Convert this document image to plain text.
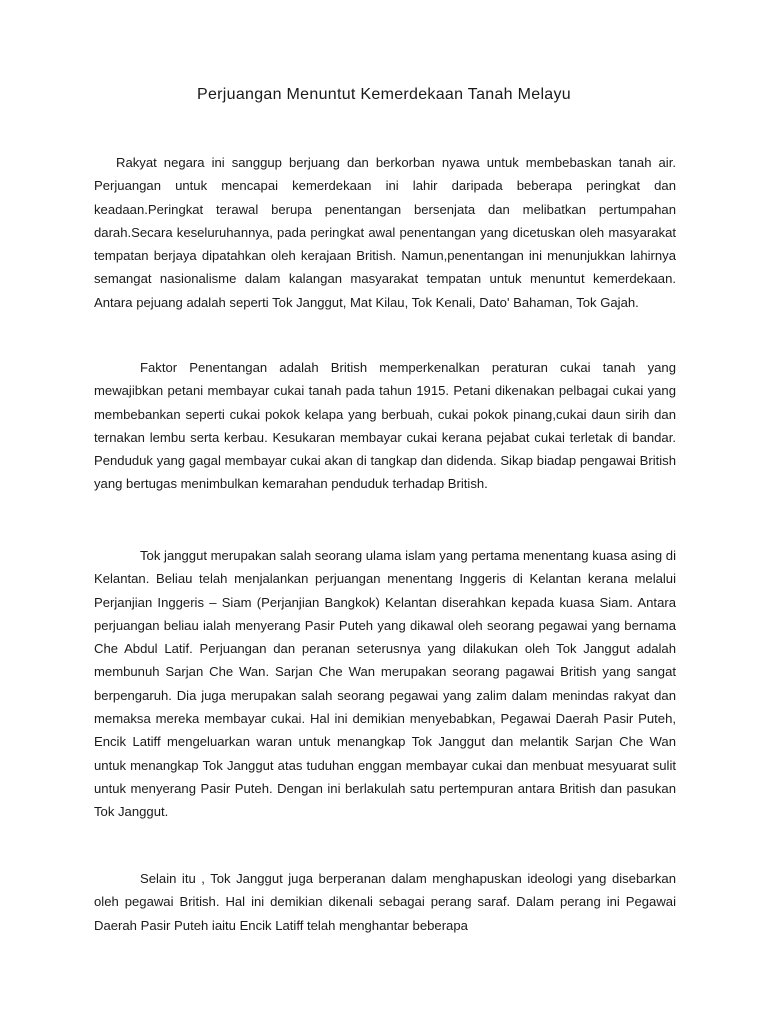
Perjuangan Menuntut Kemerdekaan Tanah Melayu

Rakyat negara ini sanggup berjuang dan berkorban nyawa untuk membebaskan tanah air. Perjuangan untuk mencapai kemerdekaan ini lahir daripada beberapa peringkat dan keadaan.Peringkat terawal berupa penentangan bersenjata dan melibatkan pertumpahan darah.Secara keseluruhannya, pada peringkat awal penentangan yang dicetuskan oleh masyarakat tempatan berjaya dipatahkan oleh kerajaan British. Namun,penentangan ini menunjukkan lahirnya semangat nasionalisme dalam kalangan masyarakat tempatan untuk menuntut kemerdekaan. Antara pejuang adalah seperti Tok Janggut, Mat Kilau, Tok Kenali, Dato' Bahaman, Tok Gajah.

Faktor Penentangan adalah British memperkenalkan peraturan cukai tanah yang mewajibkan petani membayar cukai tanah pada tahun 1915. Petani dikenakan pelbagai cukai yang membebankan seperti cukai pokok kelapa yang berbuah, cukai pokok pinang,cukai daun sirih dan ternakan lembu serta kerbau. Kesukaran membayar cukai kerana pejabat cukai terletak di bandar. Penduduk yang gagal membayar cukai akan di tangkap dan didenda. Sikap biadap pengawai British yang bertugas menimbulkan kemarahan penduduk terhadap British.

Tok janggut merupakan salah seorang ulama islam yang pertama menentang kuasa asing di Kelantan. Beliau telah menjalankan perjuangan menentang Inggeris di Kelantan kerana melalui Perjanjian Inggeris – Siam (Perjanjian Bangkok) Kelantan diserahkan kepada kuasa Siam. Antara perjuangan beliau ialah menyerang Pasir Puteh yang dikawal oleh seorang pegawai yang bernama Che Abdul Latif. Perjuangan dan peranan seterusnya yang dilakukan oleh Tok Janggut adalah membunuh Sarjan Che Wan. Sarjan Che Wan merupakan seorang pagawai British yang sangat berpengaruh. Dia juga merupakan salah seorang pegawai yang zalim dalam menindas rakyat dan memaksa mereka membayar cukai. Hal ini demikian menyebabkan, Pegawai Daerah Pasir Puteh, Encik Latiff mengeluarkan waran untuk menangkap Tok Janggut dan melantik Sarjan Che Wan untuk menangkap Tok Janggut atas tuduhan enggan membayar cukai dan menbuat mesyuarat sulit untuk menyerang Pasir Puteh. Dengan ini berlakulah satu pertempuran antara British dan pasukan Tok Janggut.

Selain itu , Tok Janggut juga berperanan dalam menghapuskan ideologi yang disebarkan oleh pegawai British. Hal ini demikian dikenali sebagai perang saraf. Dalam perang ini Pegawai Daerah Pasir Puteh iaitu Encik Latiff telah menghantar beberapa
